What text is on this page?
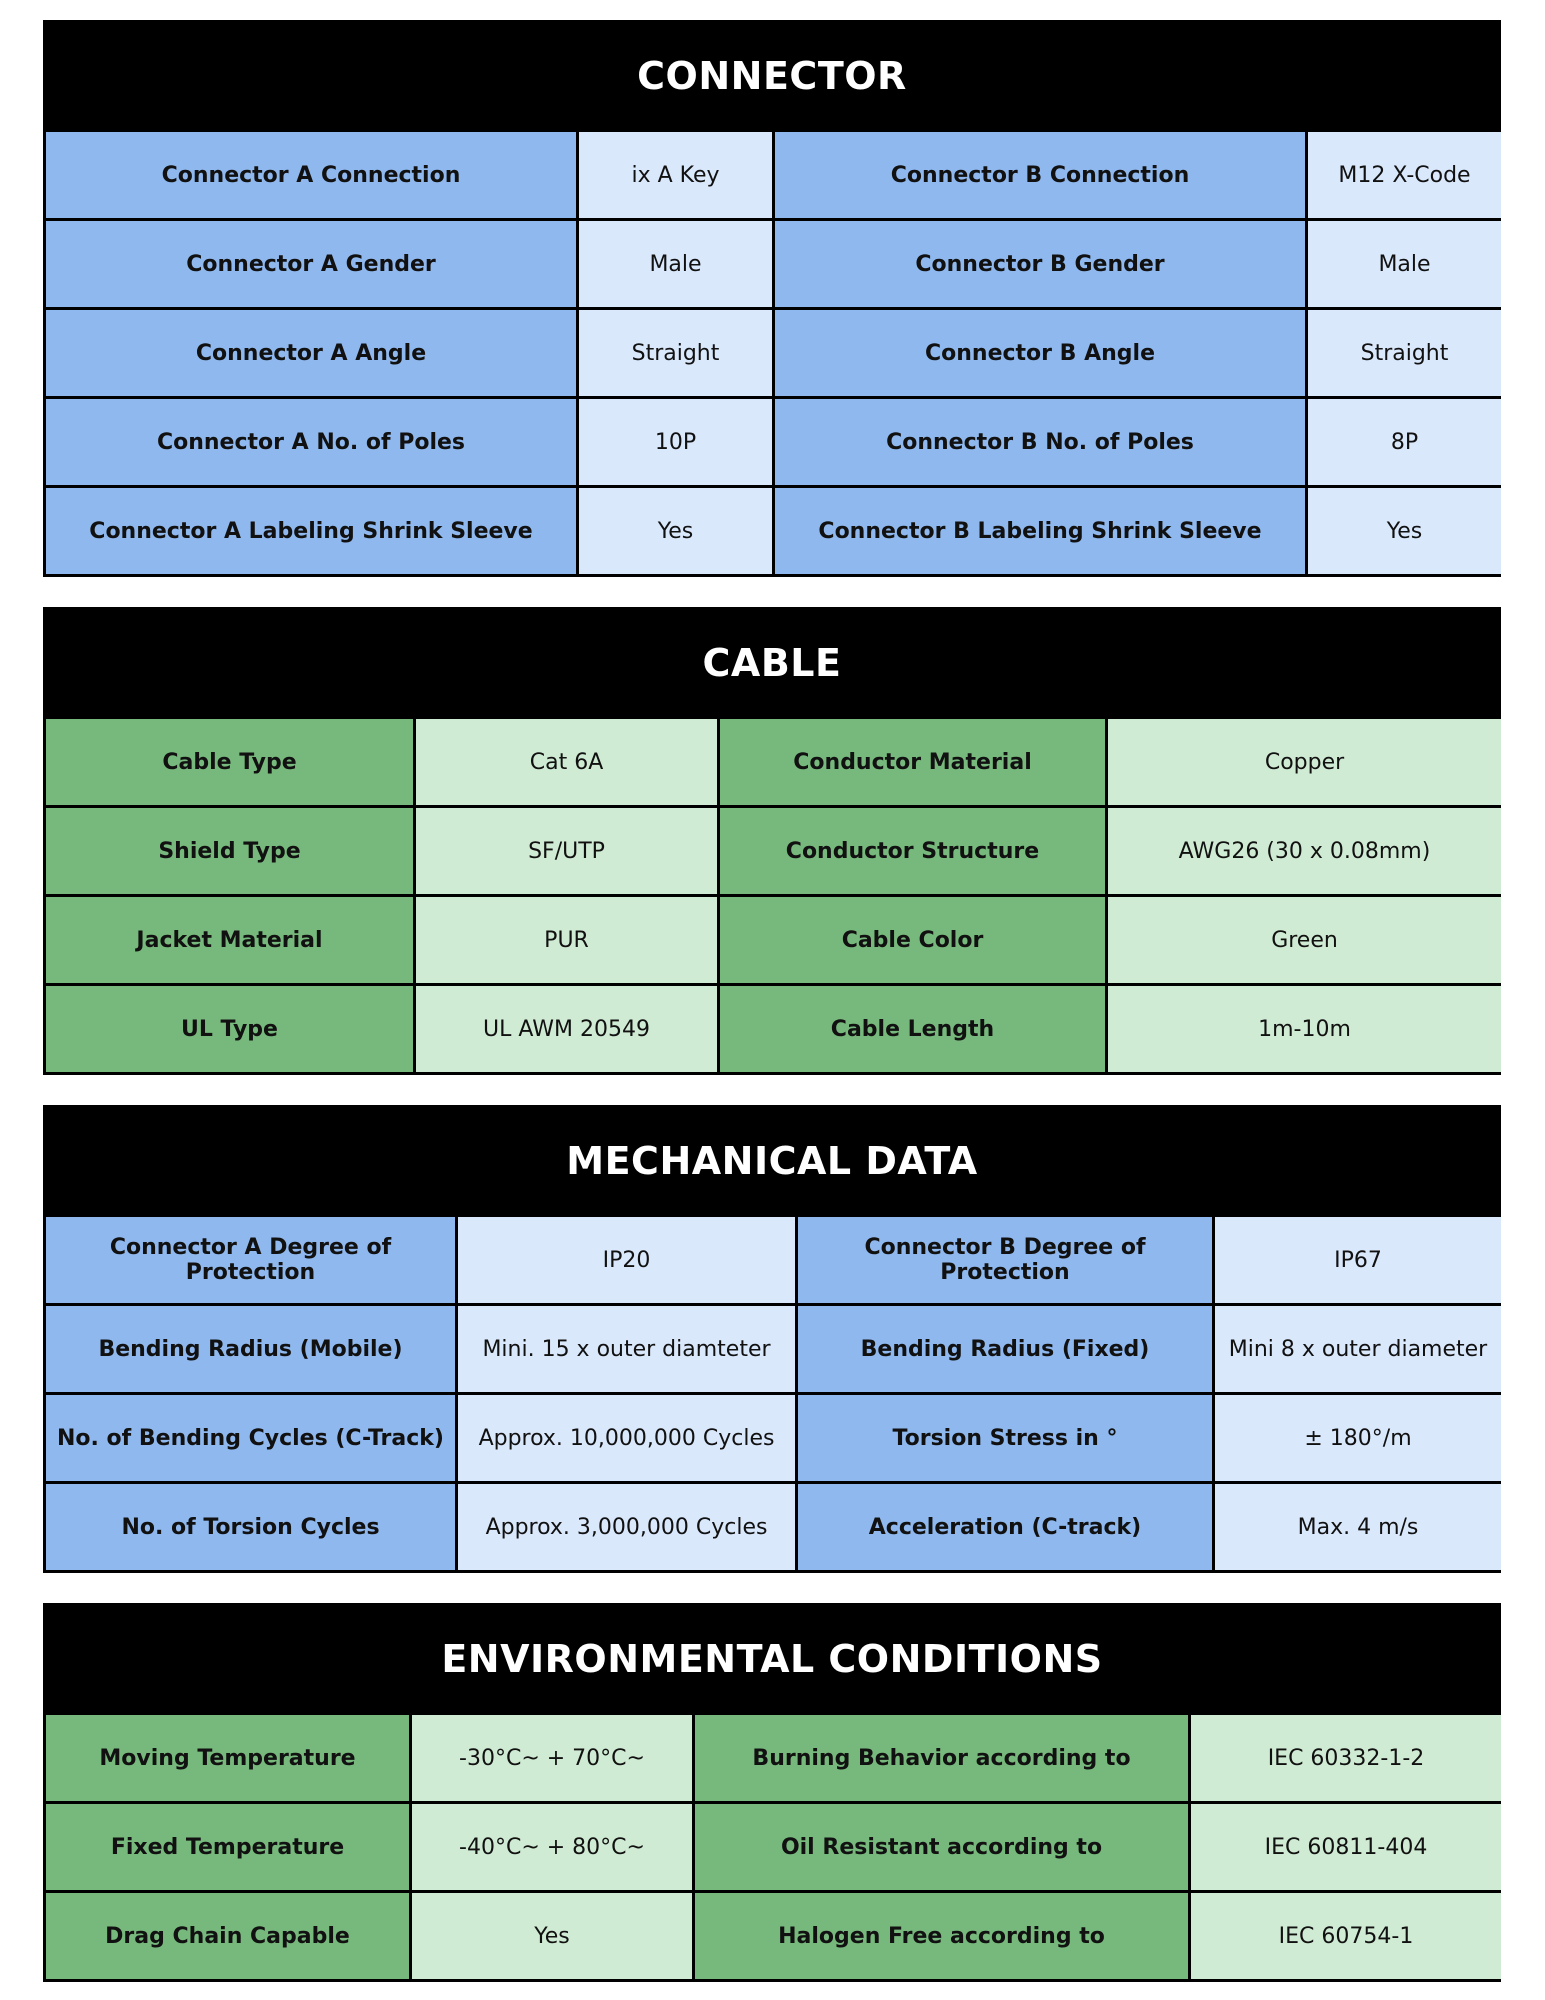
CONNECTOR
Connector A Connection	ix A Key	Connector B Connection	M12 X-Code
Connector A Gender	Male	Connector B Gender	Male
Connector A Angle	Straight	Connector B Angle	Straight
Connector A No. of Poles	10P	Connector B No. of Poles	8P
Connector A Labeling Shrink Sleeve	Yes	Connector B Labeling Shrink Sleeve	Yes
CABLE
Cable Type	Cat 6A	Conductor Material	Copper
Shield Type	SF/UTP	Conductor Structure	AWG26 (30 x 0.08mm)
Jacket Material	PUR	Cable Color	Green
UL Type	UL AWM 20549	Cable Length	1m-10m
MECHANICAL DATA
Connector A Degree of Protection	IP20	Connector B Degree of Protection	IP67
Bending Radius (Mobile)	Mini. 15 x outer diamteter	Bending Radius (Fixed)	Mini 8 x outer diameter
No. of Bending Cycles (C-Track)	Approx. 10,000,000 Cycles	Torsion Stress in °	± 180°/m
No. of Torsion Cycles	Approx. 3,000,000 Cycles	Acceleration (C-track)	Max. 4 m/s
ENVIRONMENTAL CONDITIONS
Moving Temperature	-30°C~ + 70°C~	Burning Behavior according to	IEC 60332-1-2
Fixed Temperature	-40°C~ + 80°C~	Oil Resistant according to	IEC 60811-404
Drag Chain Capable	Yes	Halogen Free according to	IEC 60754-1
